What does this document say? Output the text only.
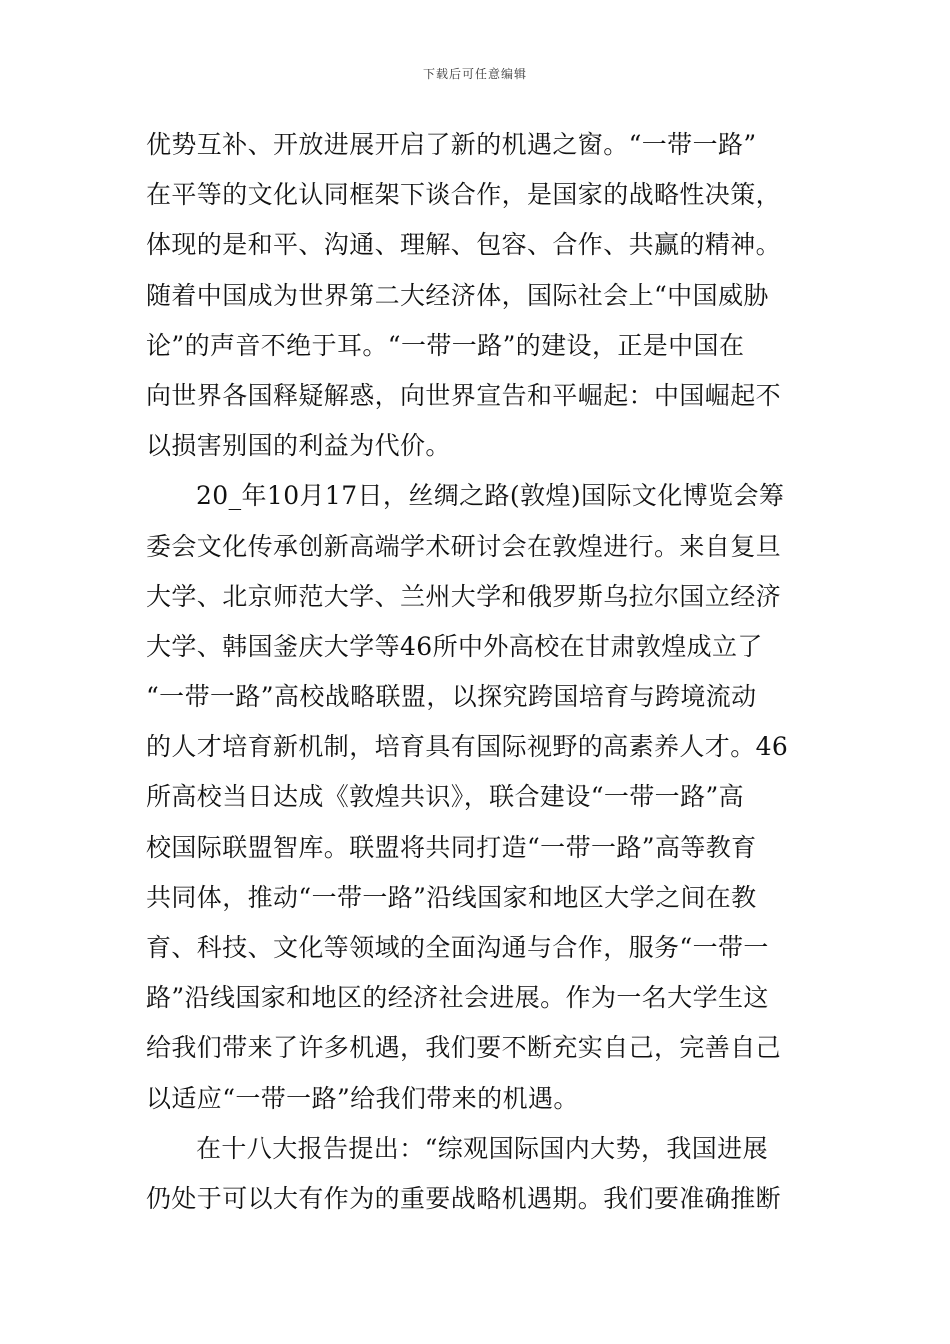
下载后可任意编辑
优势互补、开放进展开启了新的机遇之窗。“一带一路”
在平等的文化认同框架下谈合作，是国家的战略性决策，
体现的是和平、沟通、理解、包容、合作、共赢的精神。
随着中国成为世界第二大经济体，国际社会上“中国威胁
论”的声音不绝于耳。“一带一路”的建设，正是中国在
向世界各国释疑解惑，向世界宣告和平崛起：中国崛起不
以损害别国的利益为代价。
20_年10月17日，丝绸之路(敦煌)国际文化博览会筹
委会文化传承创新高端学术研讨会在敦煌进行。来自复旦
大学、北京师范大学、兰州大学和俄罗斯乌拉尔国立经济
大学、韩国釜庆大学等46所中外高校在甘肃敦煌成立了
“一带一路”高校战略联盟，以探究跨国培育与跨境流动
的人才培育新机制，培育具有国际视野的高素养人才。46
所高校当日达成《敦煌共识》，联合建设“一带一路”高
校国际联盟智库。联盟将共同打造“一带一路”高等教育
共同体，推动“一带一路”沿线国家和地区大学之间在教
育、科技、文化等领域的全面沟通与合作，服务“一带一
路”沿线国家和地区的经济社会进展。作为一名大学生这
给我们带来了许多机遇，我们要不断充实自己，完善自己
以适应“一带一路”给我们带来的机遇。
在十八大报告提出：“综观国际国内大势，我国进展
仍处于可以大有作为的重要战略机遇期。我们要准确推断
